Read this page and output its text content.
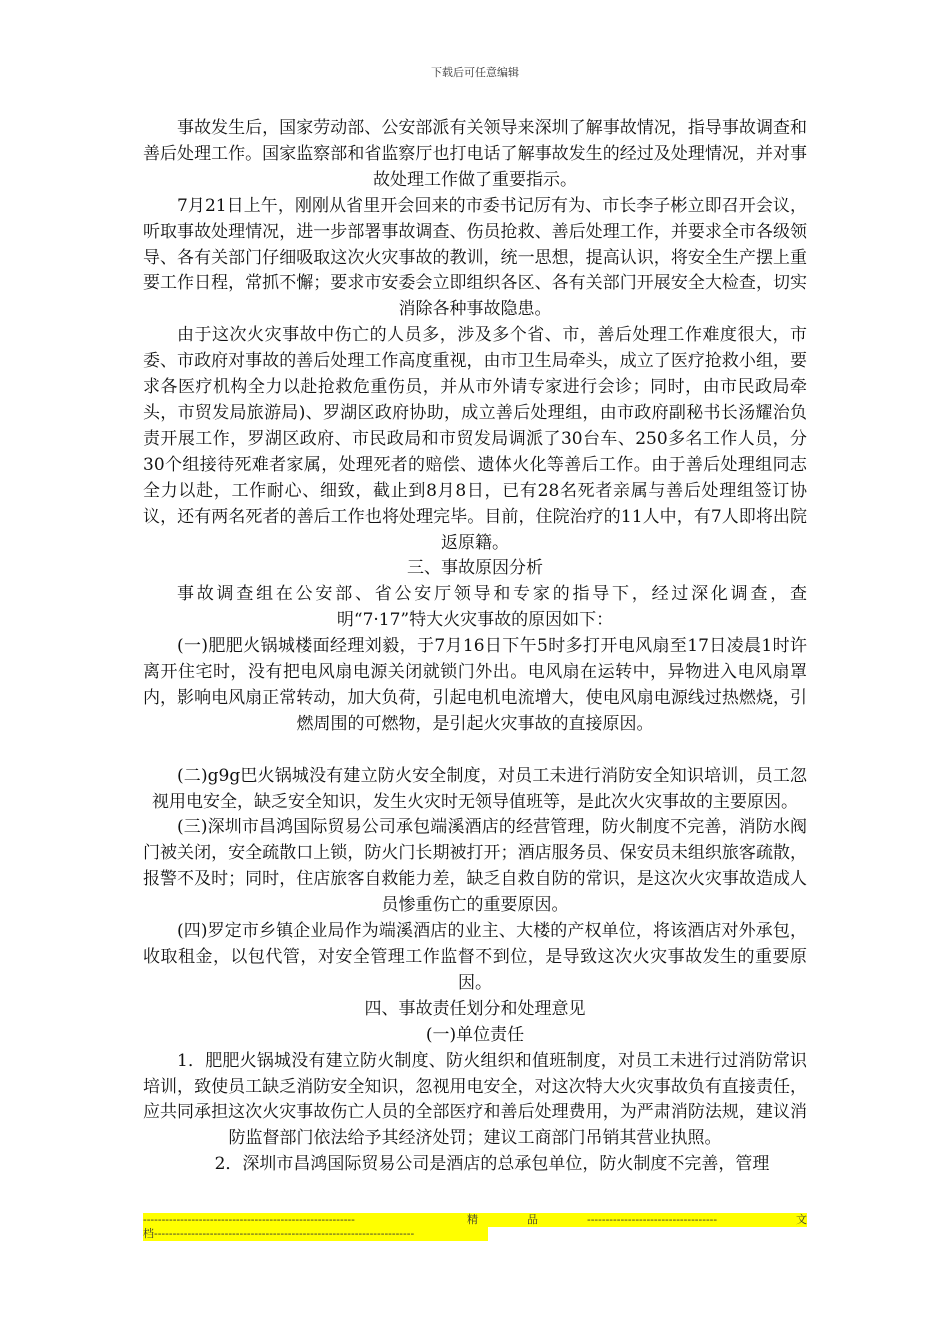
下载后可任意编辑

事故发生后，国家劳动部、公安部派有关领导来深圳了解事故情况，指导事故调查和善后处理工作。国家监察部和省监察厅也打电话了解事故发生的经过及处理情况，并对事故处理工作做了重要指示。

7月21日上午，刚刚从省里开会回来的市委书记厉有为、市长李子彬立即召开会议，听取事故处理情况，进一步部署事故调查、伤员抢救、善后处理工作，并要求全市各级领导、各有关部门仔细吸取这次火灾事故的教训，统一思想，提高认识，将安全生产摆上重要工作日程，常抓不懈；要求市安委会立即组织各区、各有关部门开展安全大检查，切实消除各种事故隐患。

由于这次火灾事故中伤亡的人员多，涉及多个省、市，善后处理工作难度很大，市委、市政府对事故的善后处理工作高度重视，由市卫生局牵头，成立了医疗抢救小组，要求各医疗机构全力以赴抢救危重伤员，并从市外请专家进行会诊；同时，由市民政局牵头，市贸发局旅游局)、罗湖区政府协助，成立善后处理组，由市政府副秘书长汤耀治负责开展工作，罗湖区政府、市民政局和市贸发局调派了30台车、250多名工作人员，分30个组接待死难者家属，处理死者的赔偿、遗体火化等善后工作。由于善后处理组同志全力以赴，工作耐心、细致，截止到8月8日，已有28名死者亲属与善后处理组签订协议，还有两名死者的善后工作也将处理完毕。目前，住院治疗的11人中，有7人即将出院返原籍。

三、事故原因分析

事故调查组在公安部、省公安厅领导和专家的指导下，经过深化调查，查明“7·17”特大火灾事故的原因如下：

(一)肥肥火锅城楼面经理刘毅，于7月16日下午5时多打开电风扇至17日凌晨1时许离开住宅时，没有把电风扇电源关闭就锁门外出。电风扇在运转中，异物进入电风扇罩内，影响电风扇正常转动，加大负荷，引起电机电流增大，使电风扇电源线过热燃烧，引燃周围的可燃物，是引起火灾事故的直接原因。

(二)g9g巴火锅城没有建立防火安全制度，对员工未进行消防安全知识培训，员工忽视用电安全，缺乏安全知识，发生火灾时无领导值班等，是此次火灾事故的主要原因。

(三)深圳市昌鸿国际贸易公司承包端溪酒店的经营管理，防火制度不完善，消防水阀门被关闭，安全疏散口上锁，防火门长期被打开；酒店服务员、保安员未组织旅客疏散，报警不及时；同时，住店旅客自救能力差，缺乏自救自防的常识，是这次火灾事故造成人员惨重伤亡的重要原因。

(四)罗定市乡镇企业局作为端溪酒店的业主、大楼的产权单位，将该酒店对外承包，收取租金，以包代管，对安全管理工作监督不到位，是导致这次火灾事故发生的重要原因。

四、事故责任划分和处理意见

(一)单位责任

1．肥肥火锅城没有建立防火制度、防火组织和值班制度，对员工未进行过消防常识培训，致使员工缺乏消防安全知识，忽视用电安全，对这次特大火灾事故负有直接责任，应共同承担这次火灾事故伤亡人员的全部医疗和善后处理费用，为严肃消防法规，建议消防监督部门依法给予其经济处罚；建议工商部门吊销其营业执照。

2．深圳市昌鸿国际贸易公司是酒店的总承包单位，防火制度不完善，管理

---------------------------------------------------------	精	品	-----------------------------------	文
档----------------------------------------------------------------------
